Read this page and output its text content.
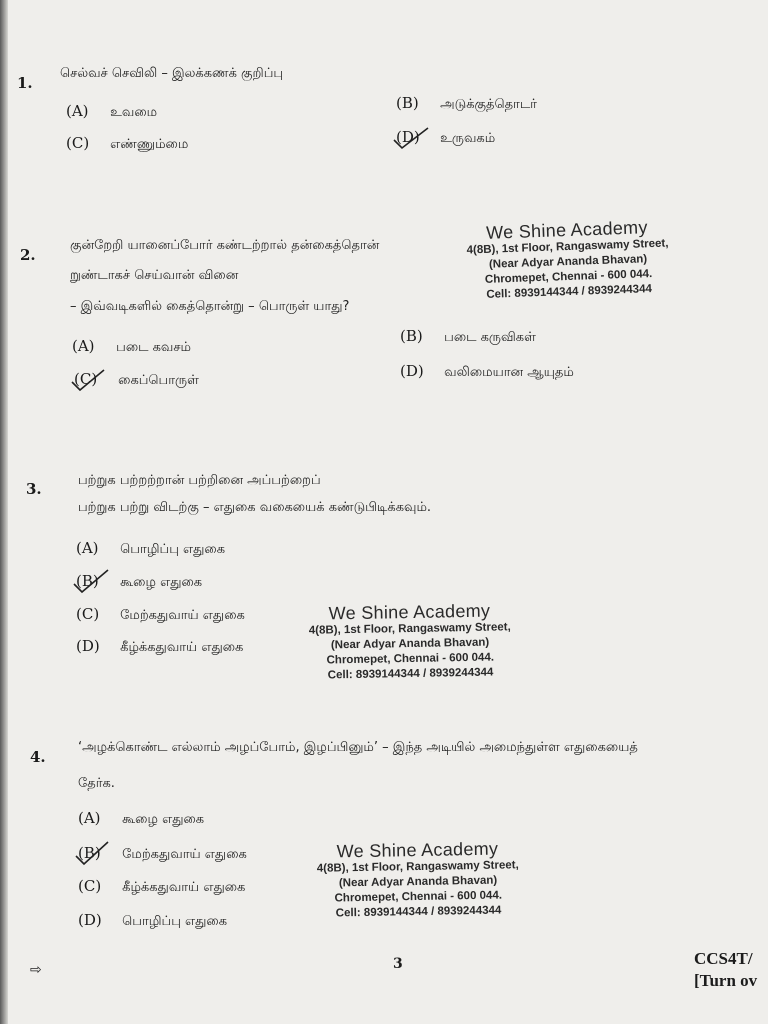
1.
செல்வச் செவிலி – இலக்கணக் குறிப்பு
(A) உவமை
(B) அடுக்குத்தொடர்
(C) எண்ணும்மை	(D) உருவகம்
2.
குன்றேறி யானைப்போர் கண்டற்றால் தன்கைத்தொன்
றுண்டாகச் செய்வான் வினை
– இவ்வடிகளில் கைத்தொன்று – பொருள் யாது?
(A) படை கவசம்
(B) படை கருவிகள்
(C) கைப்பொருள்
(D) வலிமையான ஆயுதம்
3.	பற்றுக பற்றற்றான் பற்றினை அப்பற்றைப்
பற்றுக பற்று விடற்கு – எதுகை வகையைக் கண்டுபிடிக்கவும்.
(A) பொழிப்பு எதுகை
(B) கூழை எதுகை
(C) மேற்கதுவாய் எதுகை
(D) கீழ்க்கதுவாய் எதுகை
4.
‘அழக்கொண்ட எல்லாம் அழப்போம், இழப்பினும்’ – இந்த அடியில் அமைந்துள்ள எதுகையைத்
தேர்க.
(A) கூழை எதுகை
(B) மேற்கதுவாய் எதுகை
(C) கீழ்க்கதுவாய் எதுகை
(D) பொழிப்பு எதுகை
We Shine Academy
4(8B), 1st Floor, Rangaswamy Street,
(Near Adyar Ananda Bhavan)
Chromepet, Chennai - 600 044.
Cell: 8939144344 / 8939244344
We Shine Academy
4(8B), 1st Floor, Rangaswamy Street,
(Near Adyar Ananda Bhavan)
Chromepet, Chennai - 600 044.
Cell: 8939144344 / 8939244344
We Shine Academy
4(8B), 1st Floor, Rangaswamy Street,
(Near Adyar Ananda Bhavan)
Chromepet, Chennai - 600 044.
Cell: 8939144344 / 8939244344
⇨	3	CCS4T/
[Turn ov
